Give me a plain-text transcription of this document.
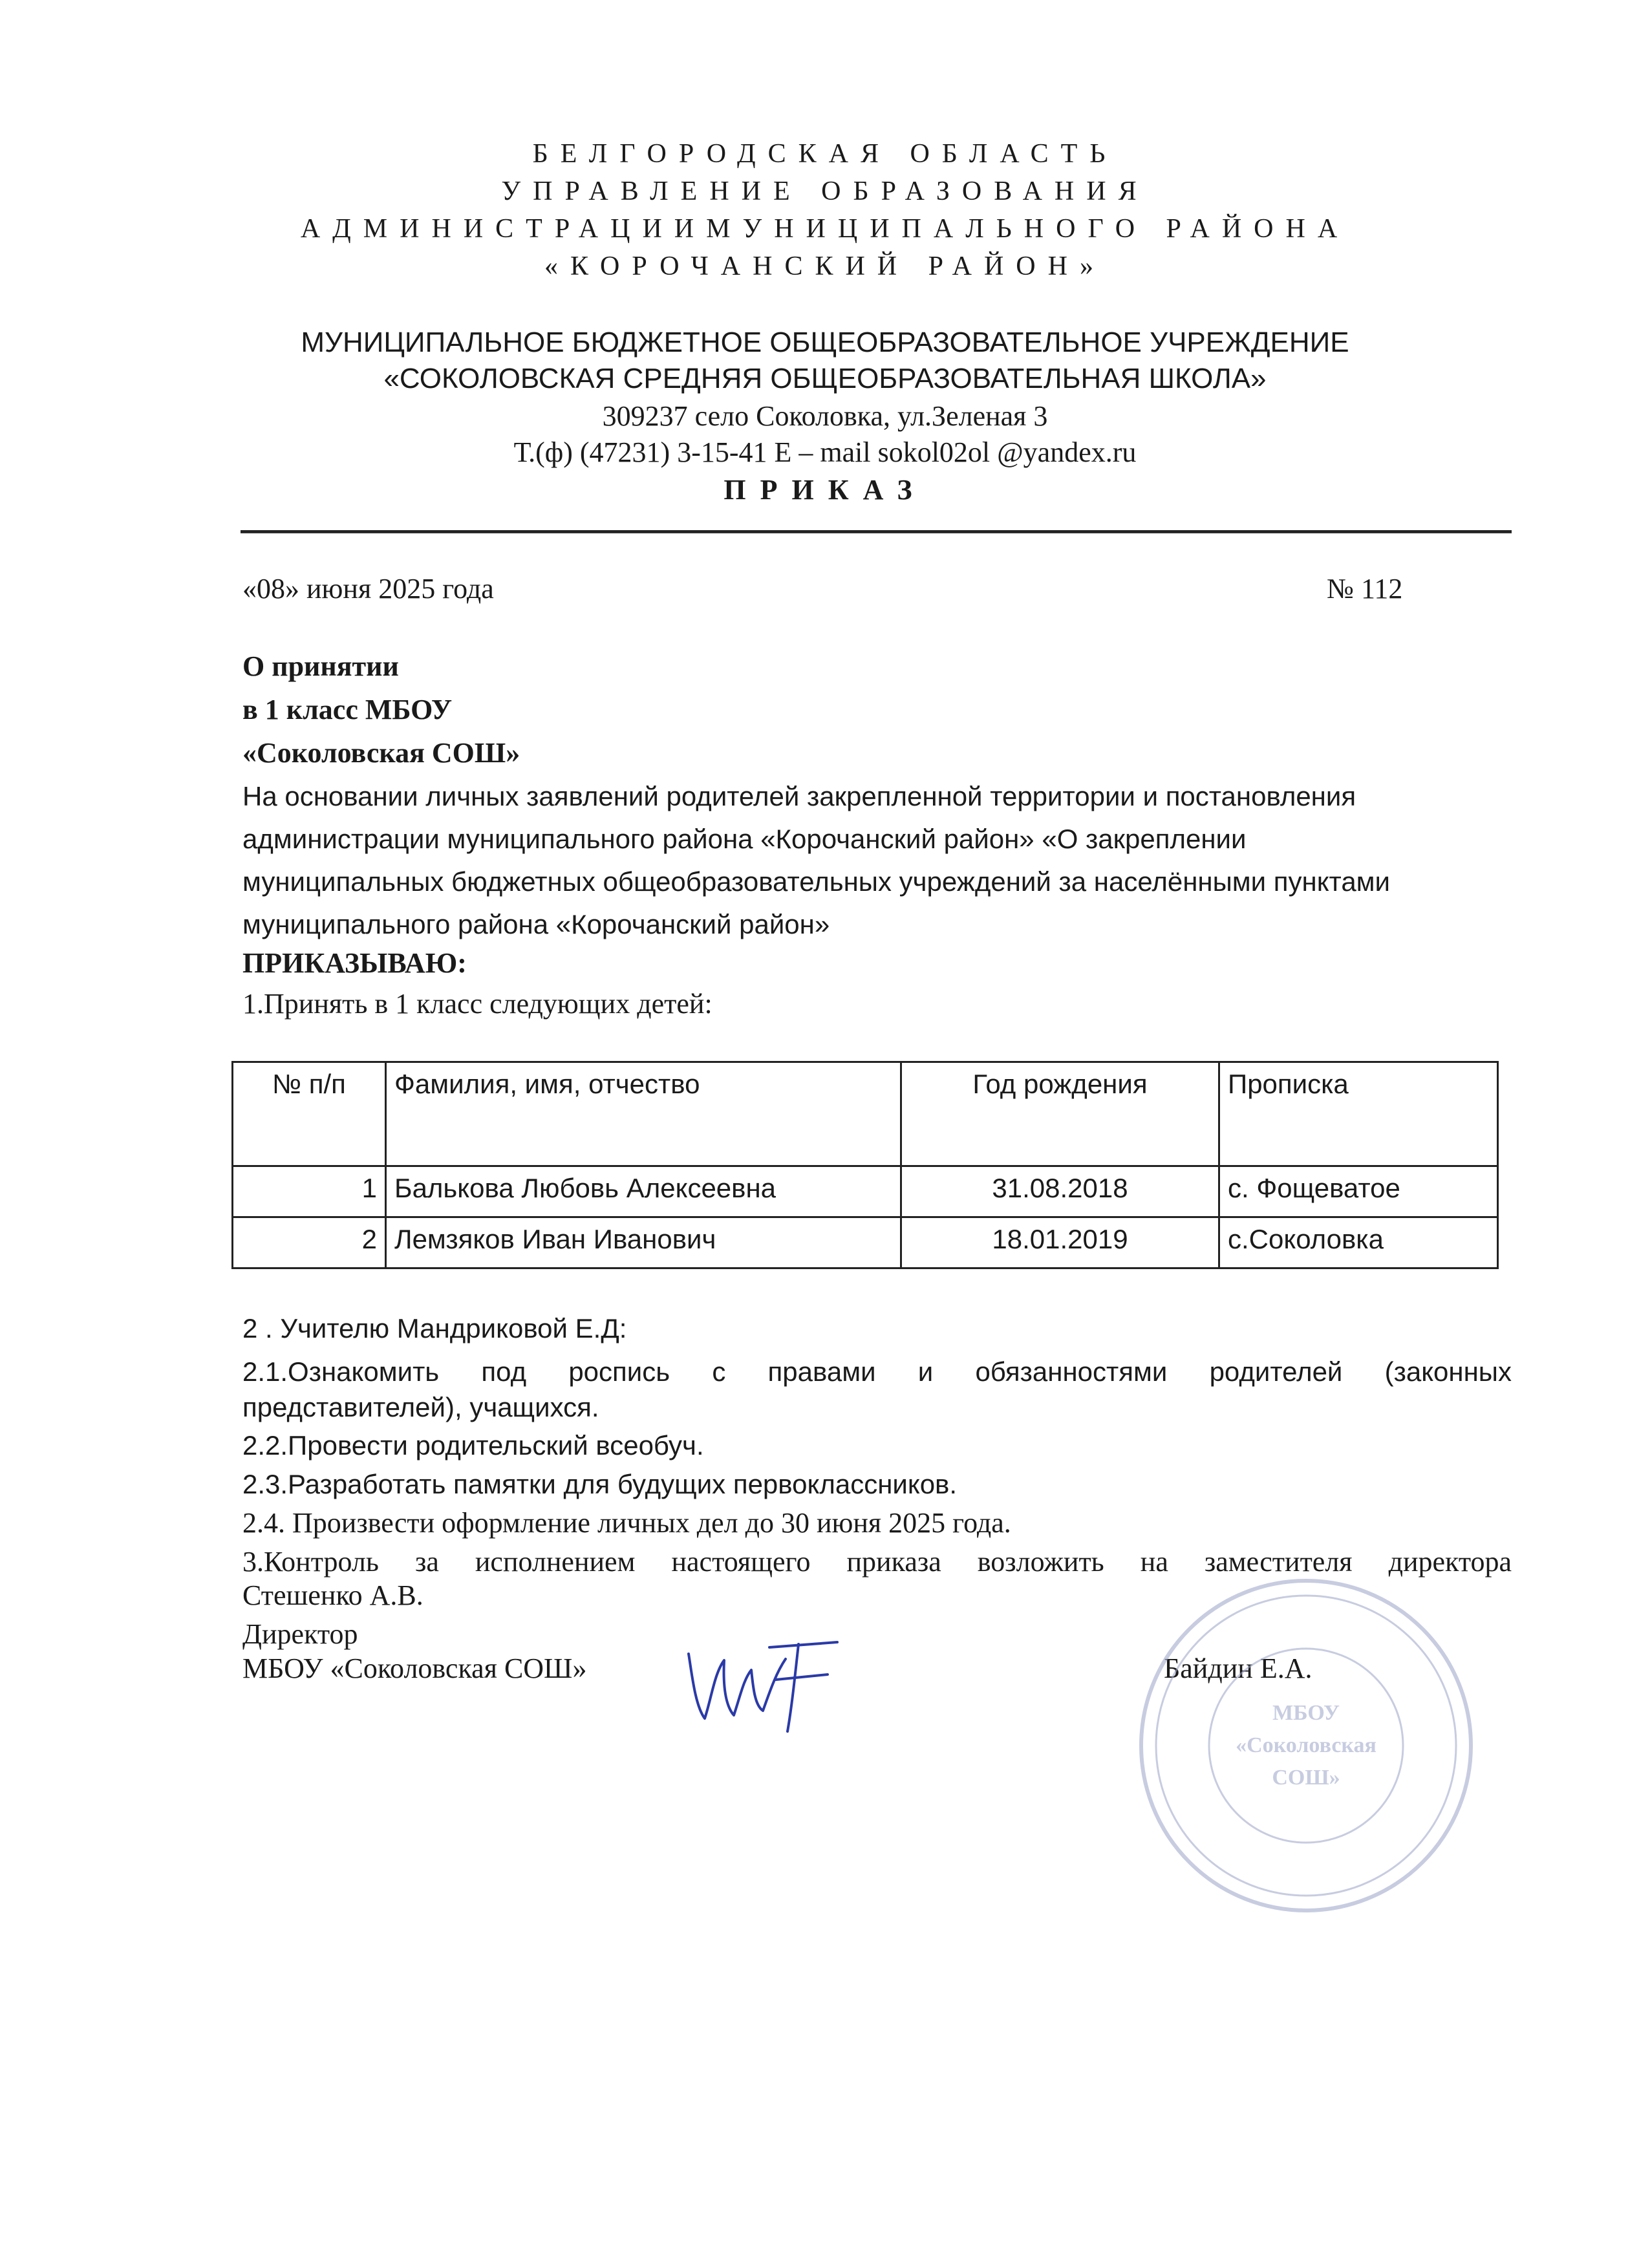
БЕЛГОРОДСКАЯ ОБЛАСТЬ
УПРАВЛЕНИЕ ОБРАЗОВАНИЯ
АДМИНИСТРАЦИИМУНИЦИПАЛЬНОГО РАЙОНА
«КОРОЧАНСКИЙ РАЙОН»
МУНИЦИПАЛЬНОЕ БЮДЖЕТНОЕ ОБЩЕОБРАЗОВАТЕЛЬНОЕ УЧРЕЖДЕНИЕ
«СОКОЛОВСКАЯ СРЕДНЯЯ ОБЩЕОБРАЗОВАТЕЛЬНАЯ ШКОЛА»
309237 село Соколовка, ул.Зеленая 3
Т.(ф) (47231) 3-15-41 Е – mail sokol02ol @yandex.ru
ПРИКАЗ
«08» июня 2025 года	№ 112
О принятии
в 1 класс МБОУ
«Соколовская СОШ»
На основании личных заявлений родителей закрепленной территории и постановления
администрации муниципального района «Корочанский район» «О закреплении
муниципальных бюджетных общеобразовательных учреждений за населёнными пунктами
муниципального района «Корочанский район»
ПРИКАЗЫВАЮ:
1.Принять в 1 класс следующих детей:
№ п/п	Фамилия, имя, отчество	Год рождения	Прописка
1	Балькова Любовь Алексеевна	31.08.2018	с. Фощеватое
2	Лемзяков Иван Иванович	18.01.2019	с.Соколовка
2 . Учителю Мандриковой Е.Д:
2.1.Ознакомить под роспись с правами и обязанностями родителей (законных
представителей), учащихся.
2.2.Провести родительский всеобуч.
2.3.Разработать памятки для будущих первоклассников.
2.4. Произвести оформление личных дел до 30 июня 2025 года.
3.Контроль за исполнением настоящего приказа возложить на заместителя директора
Стешенко А.В.
Директор
МБОУ «Соколовская СОШ»	Байдин Е.А.
МБОУ
«Соколовская
СОШ»
